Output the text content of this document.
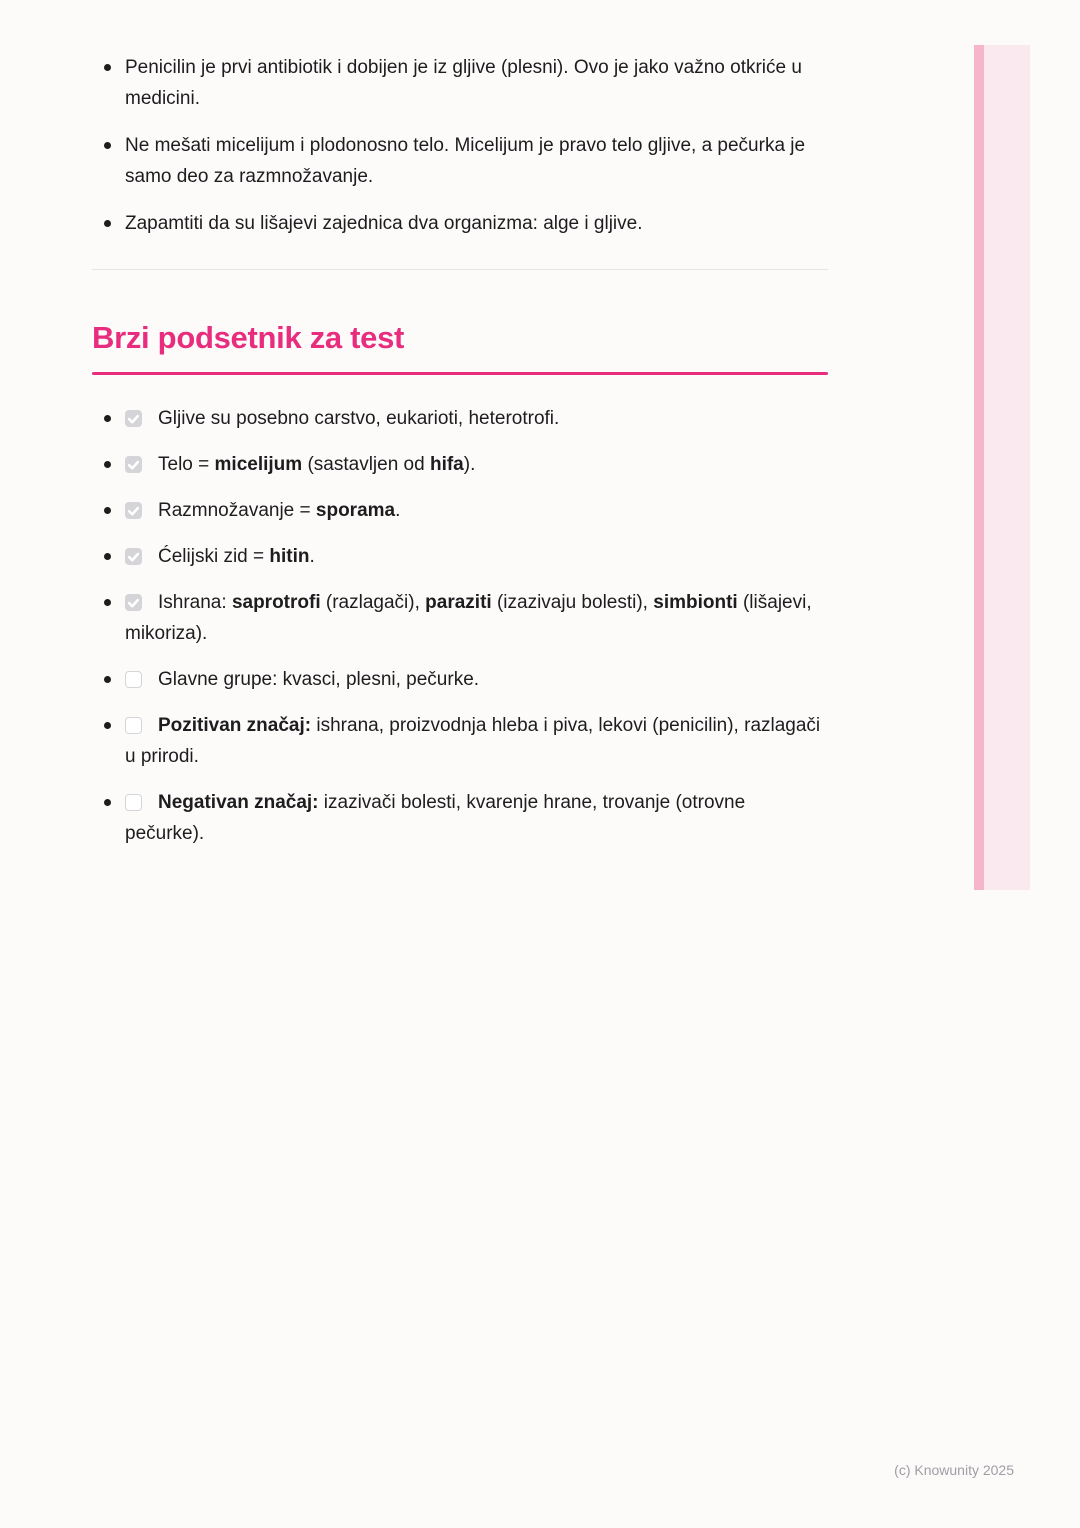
Penicilin je prvi antibiotik i dobijen je iz gljive (plesni). Ovo je jako važno otkriće u medicini.
Ne mešati micelijum i plodonosno telo. Micelijum je pravo telo gljive, a pečurka je samo deo za razmnožavanje.
Zapamtiti da su lišajevi zajednica dva organizma: alge i gljive.
Brzi podsetnik za test
Gljive su posebno carstvo, eukarioti, heterotrofi.
Telo = micelijum (sastavljen od hifa).
Razmnožavanje = sporama.
Ćelijski zid = hitin.
Ishrana: saprotrofi (razlagači), paraziti (izazivaju bolesti), simbionti (lišajevi, mikoriza).
Glavne grupe: kvasci, plesni, pečurke.
Pozitivan značaj: ishrana, proizvodnja hleba i piva, lekovi (penicilin), razlagači u prirodi.
Negativan značaj: izazivači bolesti, kvarenje hrane, trovanje (otrovne pečurke).
(c) Knowunity 2025
